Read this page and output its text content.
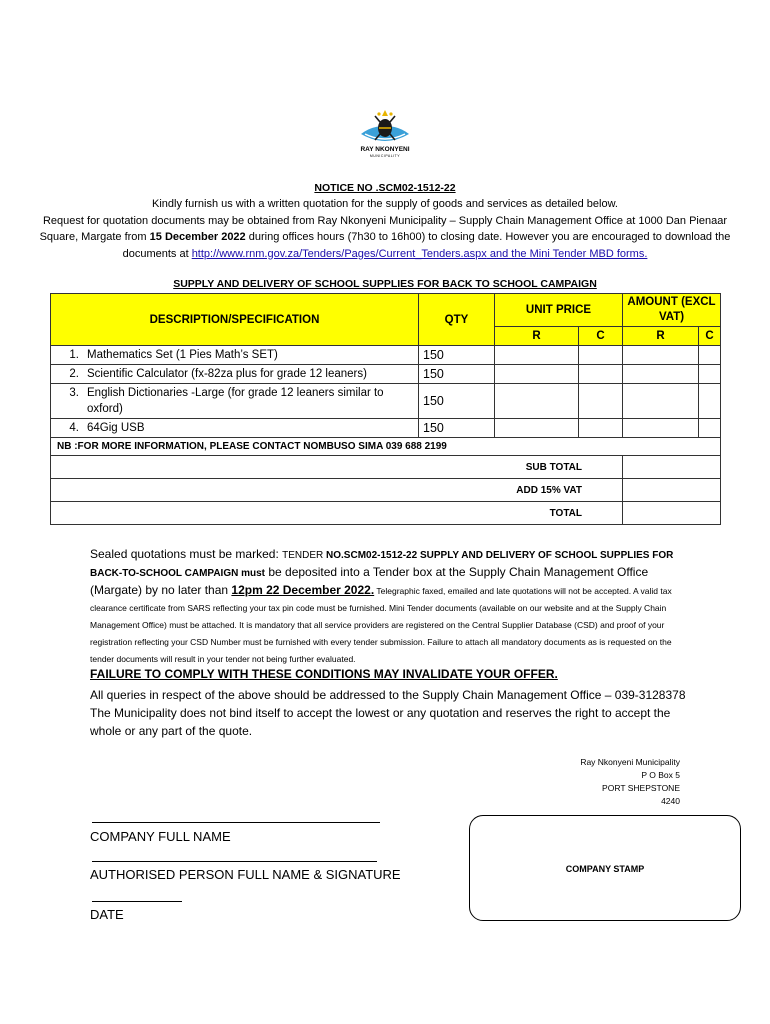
RAY NKONYENI
MUNICIPALITY
NOTICE NO .SCM02-1512-22
Kindly furnish us with a written quotation for the supply of goods and services as detailed below.
Request for quotation documents may be obtained from Ray Nkonyeni Municipality – Supply Chain Management Office at 1000 Dan Pienaar Square, Margate from 15 December 2022 during offices hours (7h30 to 16h00) to closing date. However you are encouraged to download the documents at http://www.rnm.gov.za/Tenders/Pages/Current_Tenders.aspx and the Mini Tender MBD forms.
SUPPLY AND DELIVERY OF SCHOOL SUPPLIES FOR BACK TO SCHOOL CAMPAIGN
DESCRIPTION/SPECIFICATION	QTY	UNIT PRICE		AMOUNT (EXCL VAT)	
		R	C	R	C
1. Mathematics Set (1 Pies Math’s SET)	150				
2. Scientific Calculator (fx-82za plus for grade 12 leaners)	150				

3. English Dictionaries -Large (for grade 12 leaners similar to oxford)	150				
4. 64Gig USB	150				
NB :FOR MORE INFORMATION, PLEASE CONTACT NOMBUSO SIMA 039 688 2199					
SUB TOTAL					
ADD 15% VAT					
TOTAL					
Sealed quotations must be marked: TENDER NO.SCM02-1512-22 SUPPLY AND DELIVERY OF SCHOOL SUPPLIES FOR BACK-TO-SCHOOL CAMPAIGN must be deposited into a Tender box at the Supply Chain Management Office (Margate) by no later than 12pm 22 December 2022. Telegraphic faxed, emailed and late quotations will not be accepted. A valid tax clearance certificate from SARS reflecting your tax pin code must be furnished. Mini Tender documents (available on our website and at the Supply Chain Management Office) must be attached. It is mandatory that all service providers are registered on the Central Supplier Database (CSD) and proof of your registration reflecting your CSD Number must be furnished with every tender submission. Failure to attach all mandatory documents as is requested on the tender documents will result in your tender not being further evaluated.
FAILURE TO COMPLY WITH THESE CONDITIONS MAY INVALIDATE YOUR OFFER.
All queries in respect of the above should be addressed to the Supply Chain Management Office – 039-3128378
The Municipality does not bind itself to accept the lowest or any quotation and reserves the right to accept the whole or any part of the quote.
Ray Nkonyeni Municipality
P O Box 5
PORT SHEPSTONE
4240
COMPANY FULL NAME
AUTHORISED PERSON FULL NAME & SIGNATURE
DATE
COMPANY STAMP
